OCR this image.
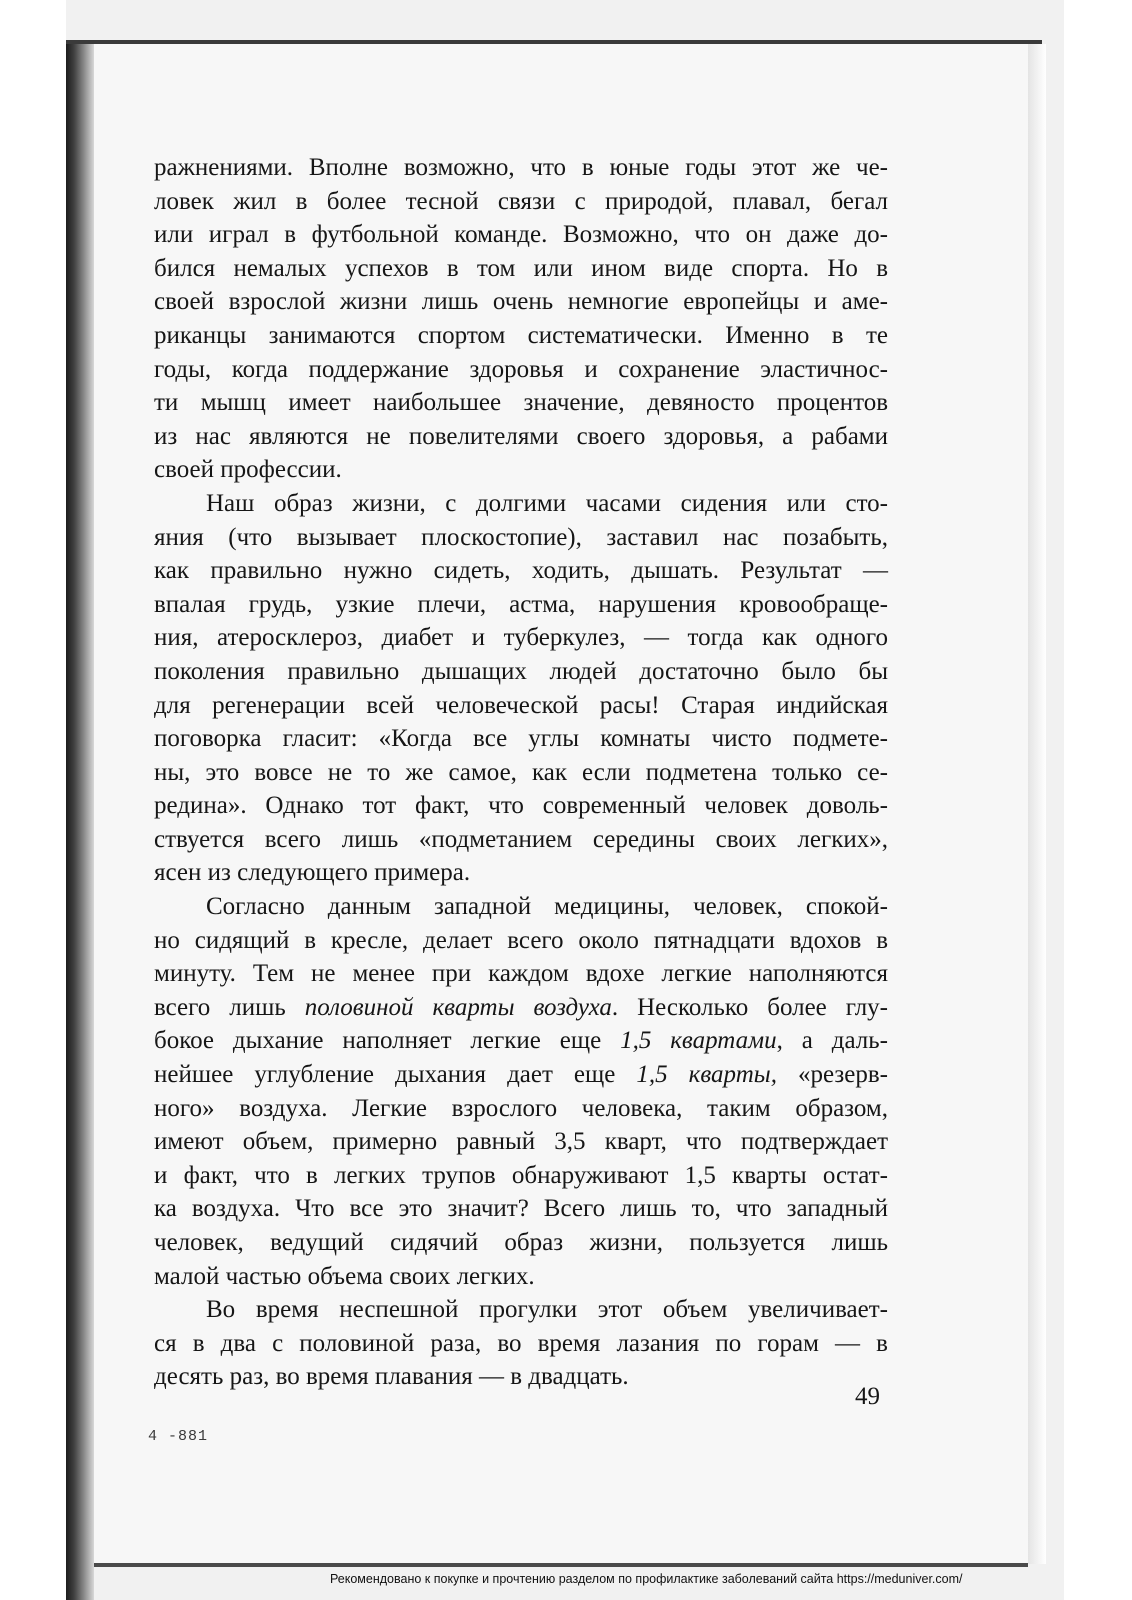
ражнениями. Вполне возможно, что в юные годы этот же че-

ловек жил в более тесной связи с природой, плавал, бегал

или играл в футбольной команде. Возможно, что он даже до-

бился немалых успехов в том или ином виде спорта. Но в

своей взрослой жизни лишь очень немногие европейцы и аме-

риканцы занимаются спортом систематически. Именно в те

годы, когда поддержание здоровья и сохранение эластичнос-

ти мышц имеет наибольшее значение, девяносто процентов

из нас являются не повелителями своего здоровья, а рабами

своей профессии.

Наш образ жизни, с долгими часами сидения или сто-

яния (что вызывает плоскостопие), заставил нас позабыть,

как правильно нужно сидеть, ходить, дышать. Результат —

впалая грудь, узкие плечи, астма, нарушения кровообраще-

ния, атеросклероз, диабет и туберкулез, — тогда как одного

поколения правильно дышащих людей достаточно было бы

для регенерации всей человеческой расы! Старая индийская

поговорка гласит: «Когда все углы комнаты чисто подмете-

ны, это вовсе не то же самое, как если подметена только се-

редина». Однако тот факт, что современный человек доволь-

ствуется всего лишь «подметанием середины своих легких»,

ясен из следующего примера.

Согласно данным западной медицины, человек, спокой-

но сидящий в кресле, делает всего около пятнадцати вдохов в

минуту. Тем не менее при каждом вдохе легкие наполняются

всего лишь половиной кварты воздуха. Несколько более глу-

бокое дыхание наполняет легкие еще 1,5 квартами, а даль-

нейшее углубление дыхания дает еще 1,5 кварты, «резерв-

ного» воздуха. Легкие взрослого человека, таким образом,

имеют объем, примерно равный 3,5 кварт, что подтверждает

и факт, что в легких трупов обнаруживают 1,5 кварты остат-

ка воздуха. Что все это значит? Всего лишь то, что западный

человек, ведущий сидячий образ жизни, пользуется лишь

малой частью объема своих легких.

Во время неспешной прогулки этот объем увеличивает-

ся в два с половиной раза, во время лазания по горам — в

десять раз, во время плавания — в двадцать.

49
4 -881
Рекомендовано к покупке и прочтению разделом по профилактике заболеваний сайта https://meduniver.com/
